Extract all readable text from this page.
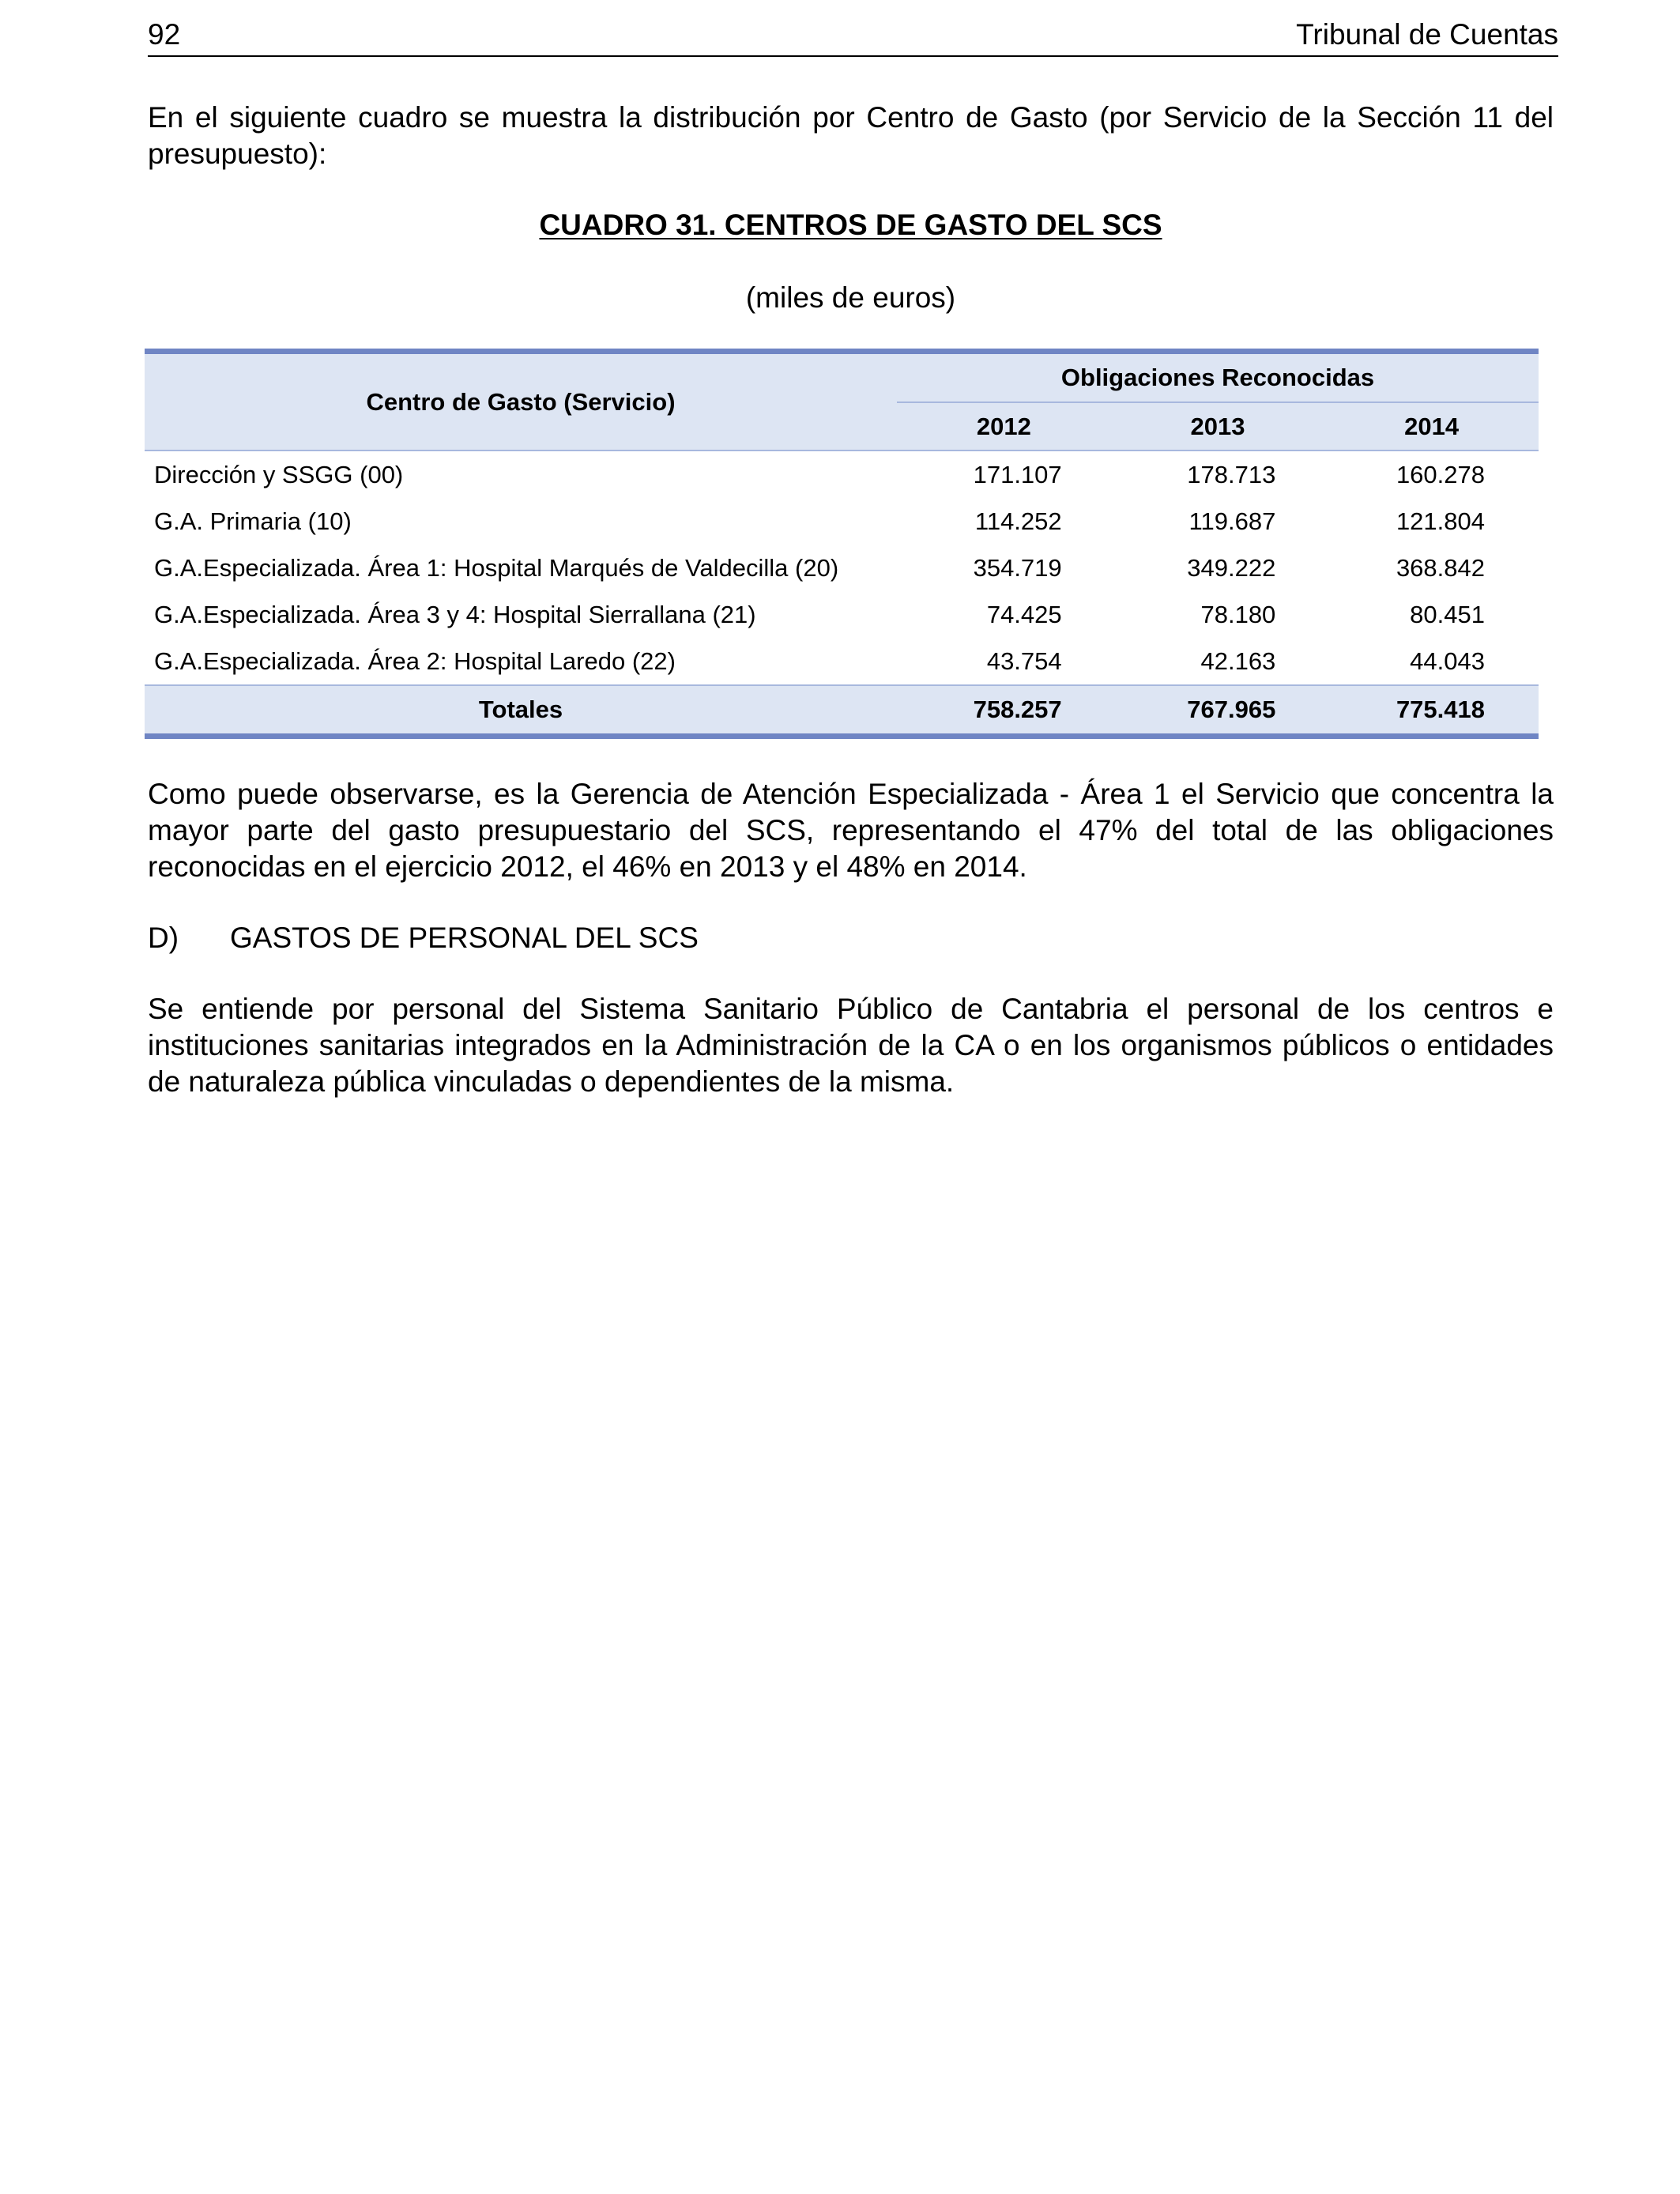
92	Tribunal de Cuentas

En el siguiente cuadro se muestra la distribución por Centro de Gasto (por Servicio de la Sección 11 del presupuesto):

CUADRO 31. CENTROS DE GASTO DEL SCS
(miles de euros)
Centro de Gasto (Servicio)	Obligaciones Reconocidas		
	2012	2013	2014
Dirección y SSGG (00)	171.107	178.713	160.278
G.A. Primaria (10)	114.252	119.687	121.804
G.A.Especializada. Área 1: Hospital Marqués de Valdecilla (20)	354.719	349.222	368.842
G.A.Especializada. Área 3 y 4: Hospital Sierrallana (21)	74.425	78.180	80.451
G.A.Especializada. Área 2: Hospital Laredo (22)	43.754	42.163	44.043
Totales	758.257	767.965	775.418

Como puede observarse, es la Gerencia de Atención Especializada - Área 1 el Servicio que concentra la mayor parte del gasto presupuestario del SCS, representando el 47% del total de las obligaciones reconocidas en el ejercicio 2012, el 46% en 2013 y el 48% en 2014.

D) GASTOS DE PERSONAL DEL SCS

Se entiende por personal del Sistema Sanitario Público de Cantabria el personal de los centros e instituciones sanitarias integrados en la Administración de la CA o en los organismos públicos o entidades de naturaleza pública vinculadas o dependientes de la misma.
